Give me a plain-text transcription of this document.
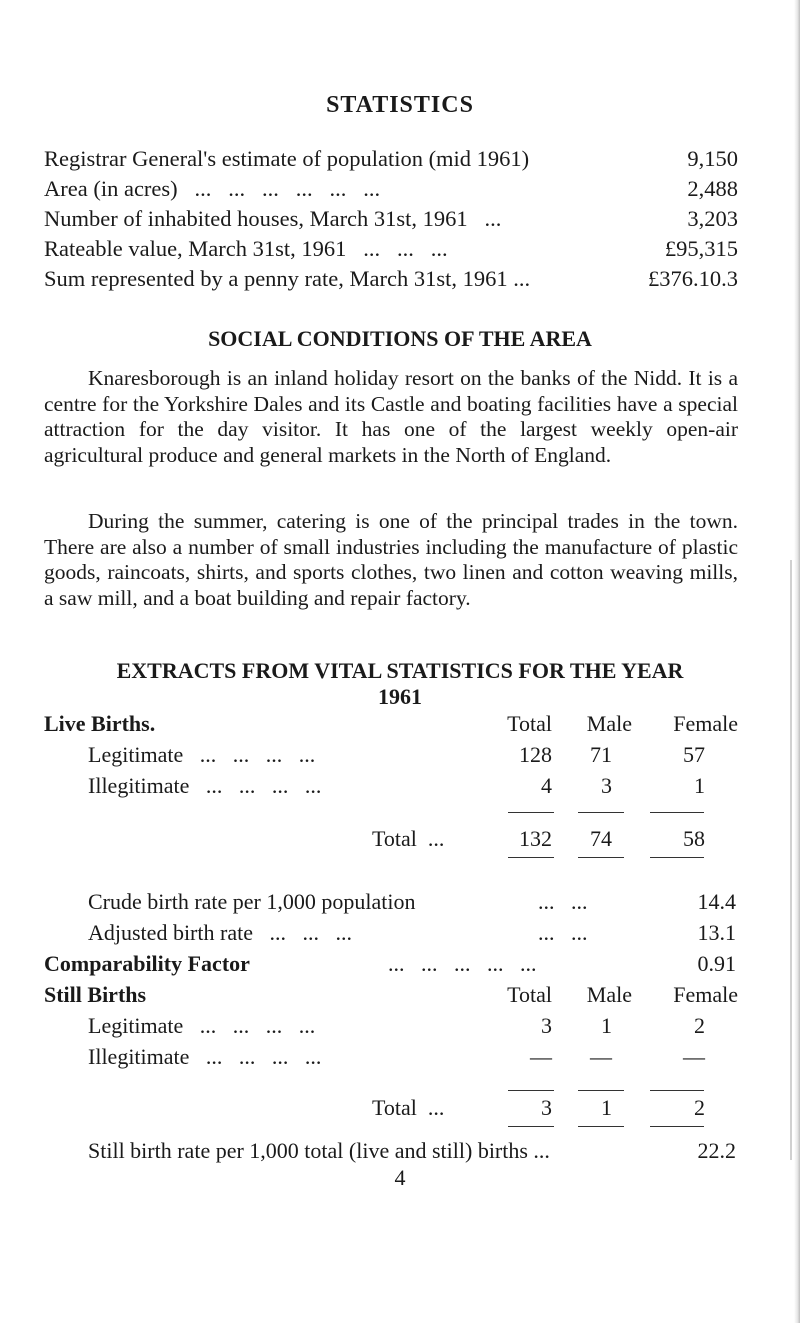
STATISTICS
Registrar General's estimate of population (mid 1961)	9,150
Area (in acres)   ...   ...   ...   ...   ...   ...	2,488
Number of inhabited houses, March 31st, 1961   ...	3,203
Rateable value, March 31st, 1961   ...   ...   ...	£95,315
Sum represented by a penny rate, March 31st, 1961 ...	£376.10.3
SOCIAL CONDITIONS OF THE AREA

Knaresborough is an inland holiday resort on the banks of the Nidd. It is a centre for the Yorkshire Dales and its Castle and boating facilities have a special attraction for the day visitor. It has one of the largest weekly open-air agricultural produce and general markets in the North of England.

During the summer, catering is one of the principal trades in the town. There are also a number of small industries including the manufacture of plastic goods, raincoats, shirts, and sports clothes, two linen and cotton weaving mills, a saw mill, and a boat building and repair factory.

EXTRACTS FROM VITAL STATISTICS FOR THE YEAR
1961
Live Births.	Total	Male	Female
Legitimate   ...   ...   ...   ...	128	71	57
Illegitimate   ...   ...   ...   ...	4	3	1
Total  ...	132	74	58
Crude birth rate per 1,000 population	...   ...	14.4
Adjusted birth rate   ...   ...   ...	...   ...	13.1
Comparability Factor	...   ...   ...   ...   ...	0.91
Still Births	Total	Male	Female
Legitimate   ...   ...   ...   ...	3	1	2
Illegitimate   ...   ...   ...   ...	—	—	—
Total  ...	3	1	2
Still birth rate per 1,000 total (live and still) births ...	22.2
4
